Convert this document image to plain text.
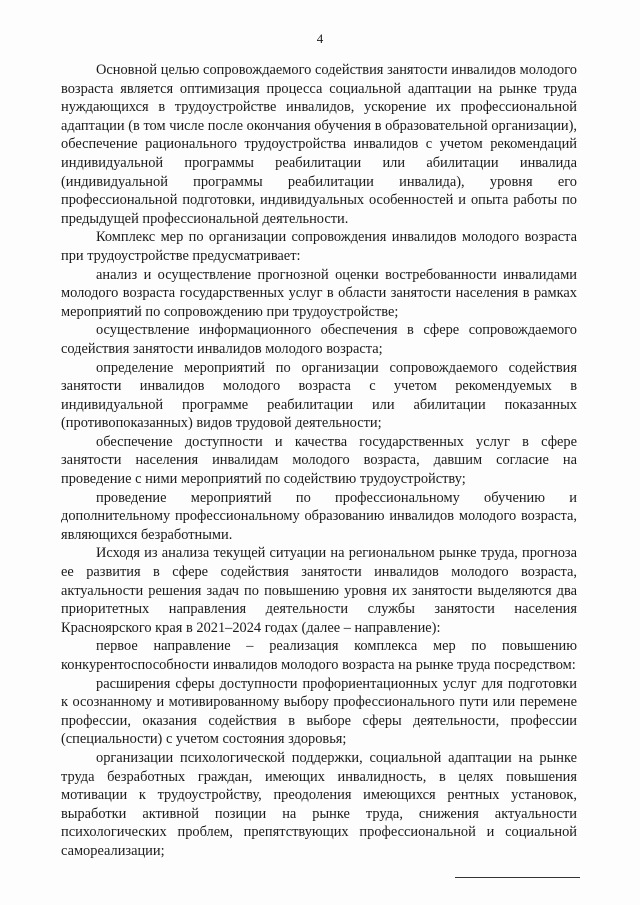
4

Основной целью сопровождаемого содействия занятости инвалидов молодого возраста является оптимизация процесса социальной адаптации на рынке труда нуждающихся в трудоустройстве инвалидов, ускорение их профессиональной адаптации (в том числе после окончания обучения в образовательной организации), обеспечение рационального трудоустройства инвалидов с учетом рекомендаций индивидуальной программы реабилитации или абилитации инвалида (индивидуальной программы реабилитации инвалида), уровня его профессиональной подготовки, индивидуальных особенностей и опыта работы по предыдущей профессиональной деятельности.

Комплекс мер по организации сопровождения инвалидов молодого возраста при трудоустройстве предусматривает:

анализ и осуществление прогнозной оценки востребованности инвалидами молодого возраста государственных услуг в области занятости населения в рамках мероприятий по сопровождению при трудоустройстве;

осуществление информационного обеспечения в сфере сопровождаемого содействия занятости инвалидов молодого возраста;

определение мероприятий по организации сопровождаемого содействия занятости инвалидов молодого возраста с учетом рекомендуемых в индивидуальной программе реабилитации или абилитации показанных (противопоказанных) видов трудовой деятельности;

обеспечение доступности и качества государственных услуг в сфере занятости населения инвалидам молодого возраста, давшим согласие на проведение с ними мероприятий по содействию трудоустройству;

проведение мероприятий по профессиональному обучению и дополнительному профессиональному образованию инвалидов молодого возраста, являющихся безработными.

Исходя из анализа текущей ситуации на региональном рынке труда, прогноза ее развития в сфере содействия занятости инвалидов молодого возраста, актуальности решения задач по повышению уровня их занятости выделяются два приоритетных направления деятельности службы занятости населения Красноярского края в 2021–2024 годах (далее – направление):

первое направление – реализация комплекса мер по повышению конкурентоспособности инвалидов молодого возраста на рынке труда посредством:

расширения сферы доступности профориентационных услуг для подготовки к осознанному и мотивированному выбору профессионального пути или перемене профессии, оказания содействия в выборе сферы деятельности, профессии (специальности) с учетом состояния здоровья;

организации психологической поддержки, социальной адаптации на рынке труда безработных граждан, имеющих инвалидность, в целях повышения мотивации к трудоустройству, преодоления имеющихся рентных установок, выработки активной позиции на рынке труда, снижения актуальности психологических проблем, препятствующих профессиональной и социальной самореализации;
